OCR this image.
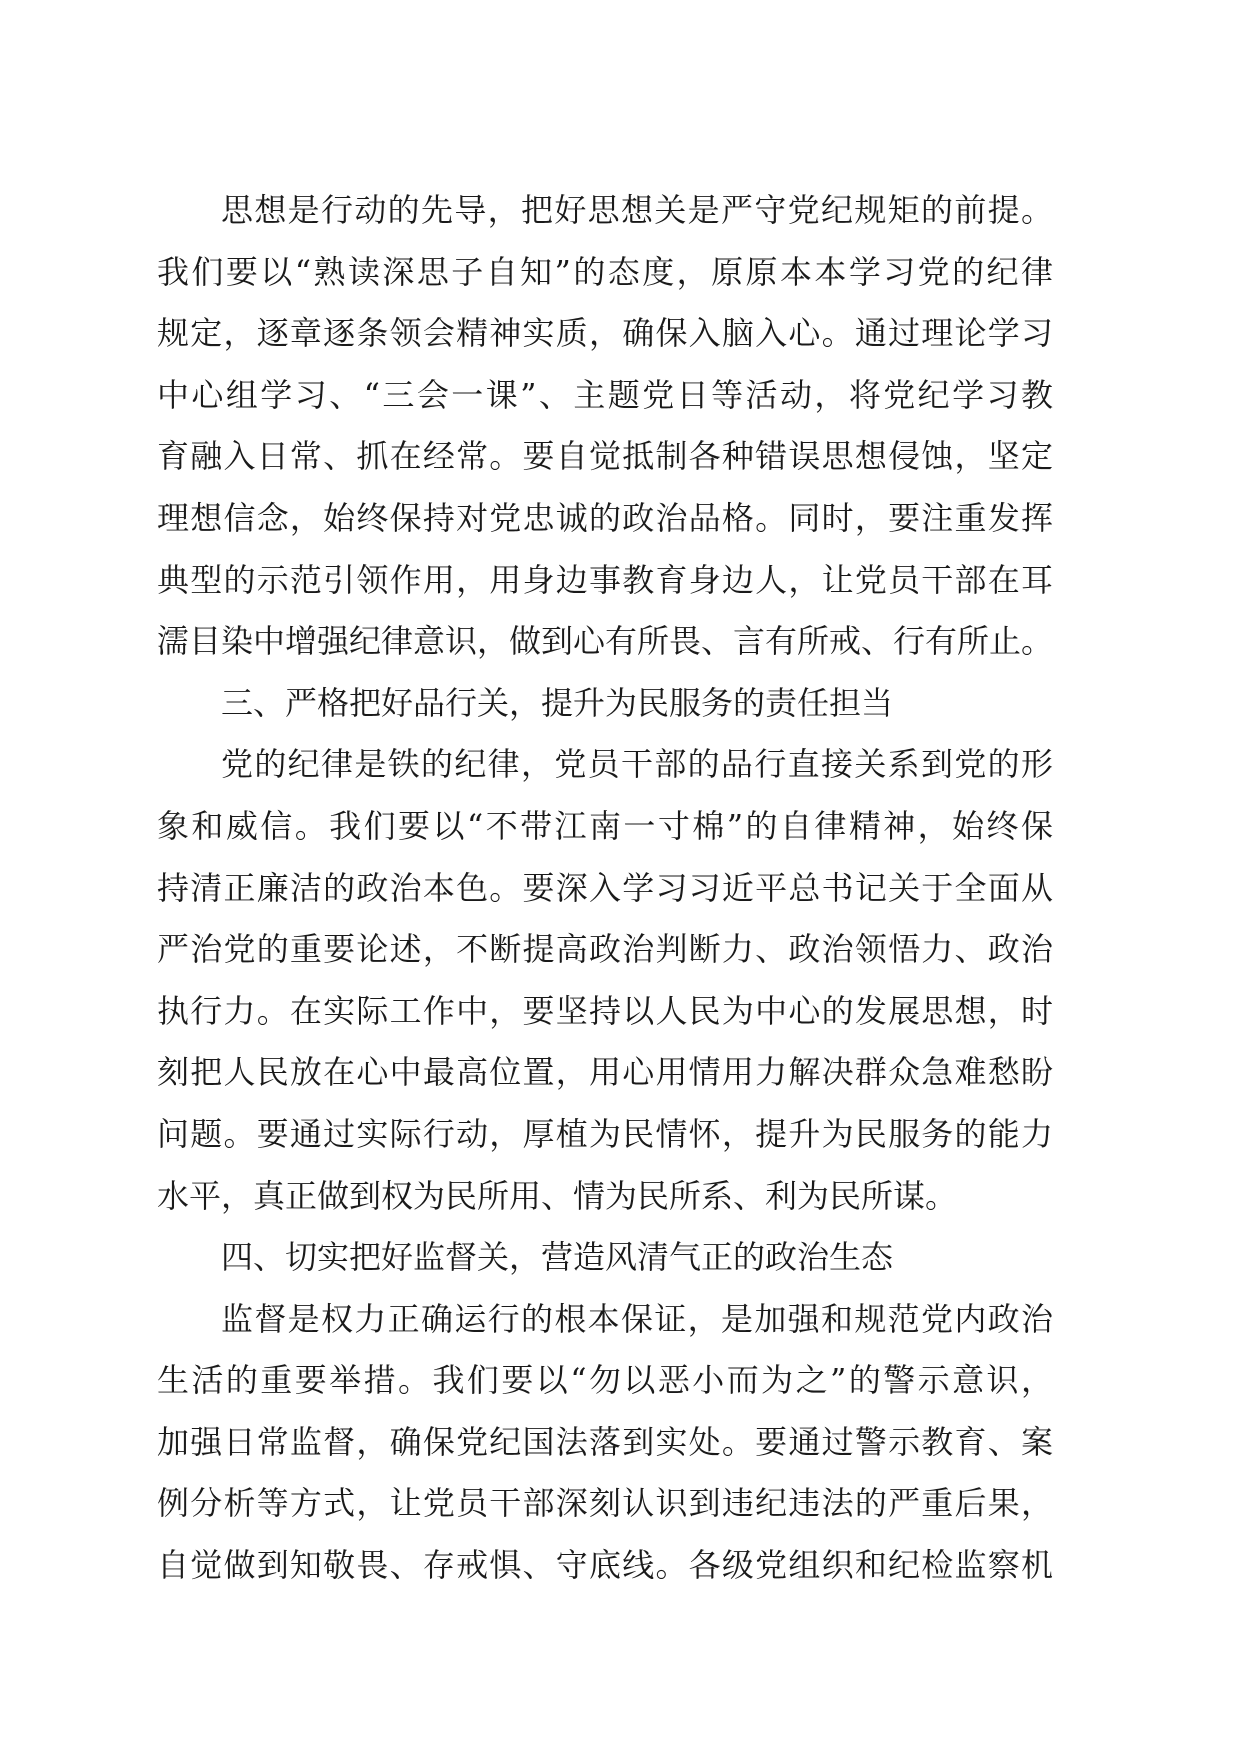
思想是行动的先导，把好思想关是严守党纪规矩的前提。
我们要以“熟读深思子自知”的态度，原原本本学习党的纪律
规定，逐章逐条领会精神实质，确保入脑入心。通过理论学习
中心组学习、“三会一课”、主题党日等活动，将党纪学习教
育融入日常、抓在经常。要自觉抵制各种错误思想侵蚀，坚定
理想信念，始终保持对党忠诚的政治品格。同时，要注重发挥
典型的示范引领作用，用身边事教育身边人，让党员干部在耳
濡目染中增强纪律意识，做到心有所畏、言有所戒、行有所止。
三、严格把好品行关，提升为民服务的责任担当
党的纪律是铁的纪律，党员干部的品行直接关系到党的形
象和威信。我们要以“不带江南一寸棉”的自律精神，始终保
持清正廉洁的政治本色。要深入学习习近平总书记关于全面从
严治党的重要论述，不断提高政治判断力、政治领悟力、政治
执行力。在实际工作中，要坚持以人民为中心的发展思想，时
刻把人民放在心中最高位置，用心用情用力解决群众急难愁盼
问题。要通过实际行动，厚植为民情怀，提升为民服务的能力
水平，真正做到权为民所用、情为民所系、利为民所谋。
四、切实把好监督关，营造风清气正的政治生态
监督是权力正确运行的根本保证，是加强和规范党内政治
生活的重要举措。我们要以“勿以恶小而为之”的警示意识，
加强日常监督，确保党纪国法落到实处。要通过警示教育、案
例分析等方式，让党员干部深刻认识到违纪违法的严重后果，
自觉做到知敬畏、存戒惧、守底线。各级党组织和纪检监察机
